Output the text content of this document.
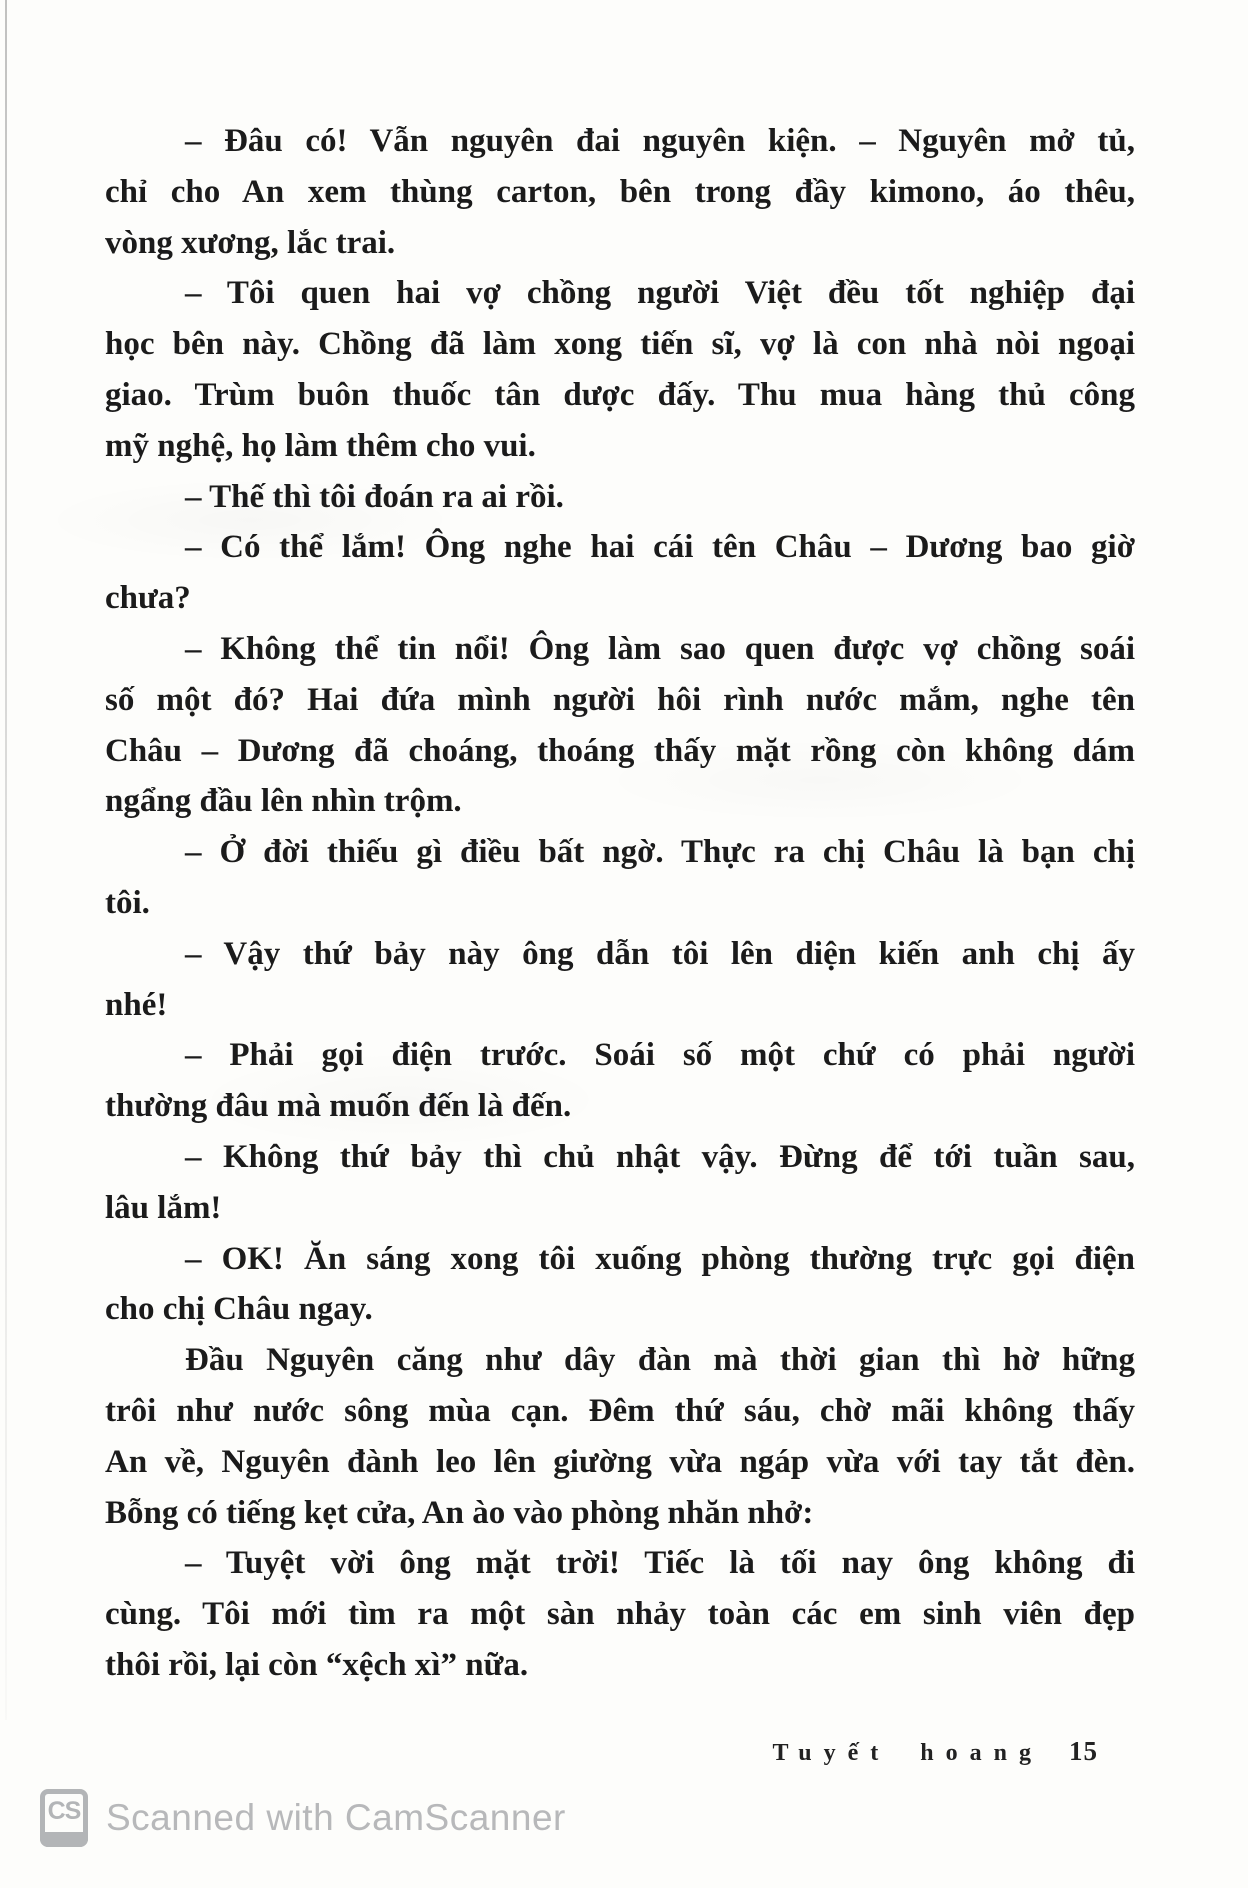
– Đâu có! Vẫn nguyên đai nguyên kiện. – Nguyên mở tủ,
chỉ cho An xem thùng carton, bên trong đầy kimono, áo thêu,
vòng xương, lắc trai.
– Tôi quen hai vợ chồng người Việt đều tốt nghiệp đại
học bên này. Chồng đã làm xong tiến sĩ, vợ là con nhà nòi ngoại
giao. Trùm buôn thuốc tân dược đấy. Thu mua hàng thủ công
mỹ nghệ, họ làm thêm cho vui.
– Thế thì tôi đoán ra ai rồi.
– Có thể lắm! Ông nghe hai cái tên Châu – Dương bao giờ
chưa?
– Không thể tin nổi! Ông làm sao quen được vợ chồng soái
số một đó? Hai đứa mình người hôi rình nước mắm, nghe tên
Châu – Dương đã choáng, thoáng thấy mặt rồng còn không dám
ngẩng đầu lên nhìn trộm.
– Ở đời thiếu gì điều bất ngờ. Thực ra chị Châu là bạn chị
tôi.
– Vậy thứ bảy này ông dẫn tôi lên diện kiến anh chị ấy
nhé!
– Phải gọi điện trước. Soái số một chứ có phải người
thường đâu mà muốn đến là đến.
– Không thứ bảy thì chủ nhật vậy. Đừng để tới tuần sau,
lâu lắm!
– OK! Ăn sáng xong tôi xuống phòng thường trực gọi điện
cho chị Châu ngay.
Đầu Nguyên căng như dây đàn mà thời gian thì hờ hững
trôi như nước sông mùa cạn. Đêm thứ sáu, chờ mãi không thấy
An về, Nguyên đành leo lên giường vừa ngáp vừa với tay tắt đèn.
Bỗng có tiếng kẹt cửa, An ào vào phòng nhăn nhở:
– Tuyệt vời ông mặt trời! Tiếc là tối nay ông không đi
cùng. Tôi mới tìm ra một sàn nhảy toàn các em sinh viên đẹp
thôi rồi, lại còn “xệch xì” nữa.
Tuyết hoang 15
CS Scanned with CamScanner
